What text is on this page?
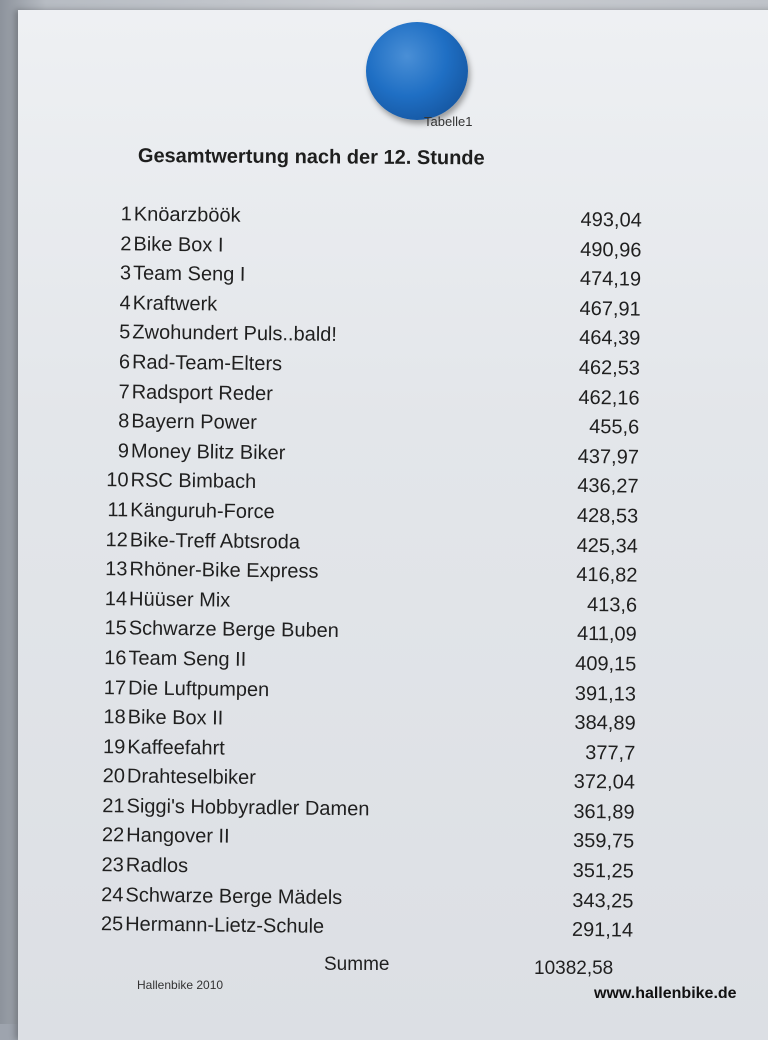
Tabelle1
Gesamtwertung nach der 12. Stunde
1 Knöarzböök	493,04
2 Bike Box I	490,96
3 Team Seng I	474,19
4 Kraftwerk	467,91
5 Zwohundert Puls..bald!	464,39
6 Rad-Team-Elters	462,53
7 Radsport Reder	462,16
8 Bayern Power	455,6
9 Money Blitz Biker	437,97
10 RSC Bimbach	436,27
11 Känguruh-Force	428,53
12 Bike-Treff Abtsroda	425,34
13 Rhöner-Bike Express	416,82
14 Hüüser Mix	413,6
15 Schwarze Berge Buben	411,09
16 Team Seng II	409,15
17 Die Luftpumpen	391,13
18 Bike Box II	384,89
19 Kaffeefahrt	377,7
20 Drahteselbiker	372,04
21 Siggi's Hobbyradler Damen	361,89
22 Hangover II	359,75
23 Radlos	351,25
24 Schwarze Berge Mädels	343,25
25 Hermann-Lietz-Schule	291,14
Summe	10382,58
Hallenbike 2010	www.hallenbike.de
